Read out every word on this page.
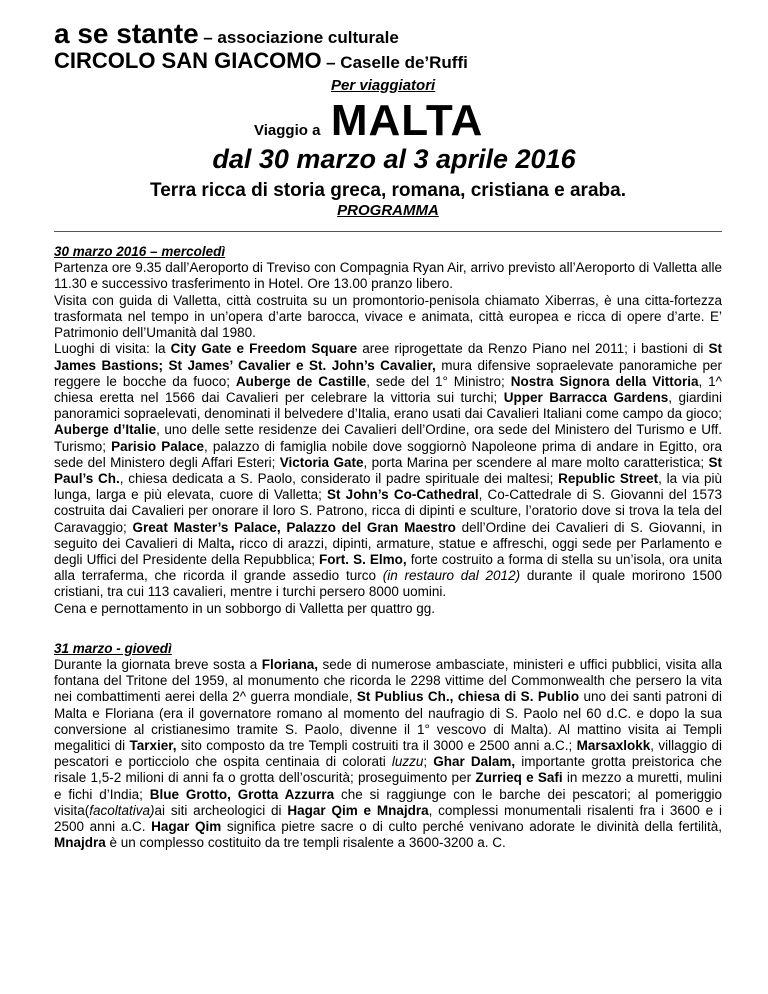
a se stante – associazione culturale
CIRCOLO SAN GIACOMO – Caselle de’Ruffi
Per viaggiatori
Viaggio a MALTA
dal 30 marzo al 3 aprile 2016
Terra ricca di storia greca, romana, cristiana e araba.
PROGRAMMA
30 marzo 2016 – mercoledì
Partenza ore 9.35 dall’Aeroporto di Treviso con Compagnia Ryan Air, arrivo previsto all’Aeroporto di Valletta alle 11.30 e successivo trasferimento in Hotel. Ore 13.00 pranzo libero.
Visita con guida di Valletta, città costruita su un promontorio-penisola chiamato Xiberras, è una citta-fortezza trasformata nel tempo in un’opera d’arte barocca, vivace e animata, città europea e ricca di opere d’arte. E’ Patrimonio dell’Umanità dal 1980.
Luoghi di visita: la City Gate e Freedom Square aree riprogettate da Renzo Piano nel 2011; i bastioni di St James Bastions; St James’ Cavalier e St. John’s Cavalier, mura difensive sopraelevate panoramiche per reggere le bocche da fuoco; Auberge de Castille, sede del 1° Ministro; Nostra Signora della Vittoria, 1^ chiesa eretta nel 1566 dai Cavalieri per celebrare la vittoria sui turchi; Upper Barracca Gardens, giardini panoramici sopraelevati, denominati il belvedere d’Italia, erano usati dai Cavalieri Italiani come campo da gioco; Auberge d’Italie, uno delle sette residenze dei Cavalieri dell’Ordine, ora sede del Ministero del Turismo e Uff. Turismo; Parisio Palace, palazzo di famiglia nobile dove soggiornò Napoleone prima di andare in Egitto, ora sede del Ministero degli Affari Esteri; Victoria Gate, porta Marina per scendere al mare molto caratteristica; St Paul’s Ch., chiesa dedicata a S. Paolo, considerato il padre spirituale dei maltesi; Republic Street, la via più lunga, larga e più elevata, cuore di Valletta; St John’s Co-Cathedral, Co-Cattedrale di S. Giovanni del 1573 costruita dai Cavalieri per onorare il loro S. Patrono, ricca di dipinti e sculture, l’oratorio dove si trova la tela del Caravaggio; Great Master’s Palace, Palazzo del Gran Maestro dell’Ordine dei Cavalieri di S. Giovanni, in seguito dei Cavalieri di Malta, ricco di arazzi, dipinti, armature, statue e affreschi, oggi sede per Parlamento e degli Uffici del Presidente della Repubblica; Fort. S. Elmo, forte costruito a forma di stella su un’isola, ora unita alla terraferma, che ricorda il grande assedio turco (in restauro dal 2012) durante il quale morirono 1500 cristiani, tra cui 113 cavalieri, mentre i turchi persero 8000 uomini.
Cena e pernottamento in un sobborgo di Valletta per quattro gg.
31 marzo - giovedì
Durante la giornata breve sosta a Floriana, sede di numerose ambasciate, ministeri e uffici pubblici, visita alla fontana del Tritone del 1959, al monumento che ricorda le 2298 vittime del Commonwealth che persero la vita nei combattimenti aerei della 2^ guerra mondiale, St Publius Ch., chiesa di S. Publio uno dei santi patroni di Malta e Floriana (era il governatore romano al momento del naufragio di S. Paolo nel 60 d.C. e dopo la sua conversione al cristianesimo tramite S. Paolo, divenne il 1° vescovo di Malta). Al mattino visita ai Templi megalitici di Tarxier, sito composto da tre Templi costruiti tra il 3000 e 2500 anni a.C.; Marsaxlokk, villaggio di pescatori e porticciolo che ospita centinaia di colorati luzzu; Ghar Dalam, importante grotta preistorica che risale 1,5-2 milioni di anni fa o grotta dell’oscurità; proseguimento per Zurrieq e Safi in mezzo a muretti, mulini e fichi d’India; Blue Grotto, Grotta Azzurra che si raggiunge con le barche dei pescatori; al pomeriggio visita(facoltativa)ai siti archeologici di Hagar Qim e Mnajdra, complessi monumentali risalenti fra i 3600 e i 2500 anni a.C. Hagar Qim significa pietre sacre o di culto perché venivano adorate le divinità della fertilità, Mnajdra è un complesso costituito da tre templi risalente a 3600-3200 a. C.
